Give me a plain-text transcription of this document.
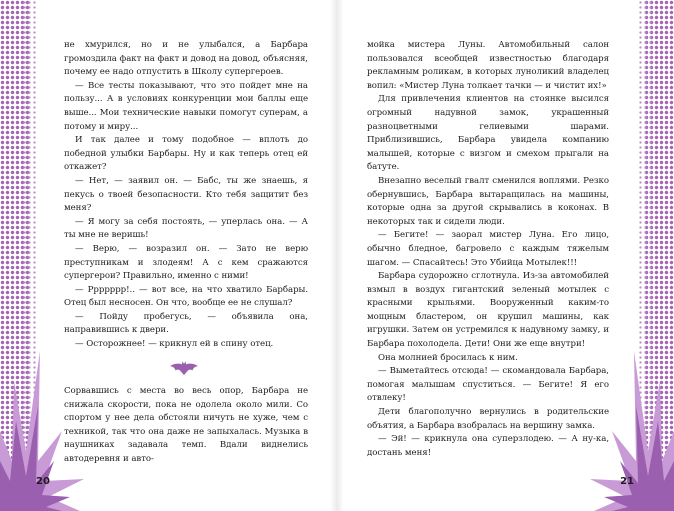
не хмурился, но и не улыбался, а Барбара громоздила факт на факт и довод на довод, объясняя, почему ее надо отпустить в Школу супергероев.

— Все тесты показывают, что это пойдет мне на пользу... А в условиях конкуренции мои баллы еще выше... Мои технические навыки помогут суперам, а потому и миру...

И так далее и тому подобное — вплоть до победной улыбки Барбары. Ну и как теперь отец ей откажет?

— Нет, — заявил он. — Бабс, ты же знаешь, я пекусь о твоей безопасности. Кто тебя защитит без меня?

— Я могу за себя постоять, — уперлась она. — А ты мне не веришь!

— Верю, — возразил он. — Зато не верю преступникам и злодеям! А с кем сражаются супергерои? Правильно, именно с ними!

— Ррррррр!.. — вот все, на что хватило Барбары. Отец был несносен. Он что, вообще ее не слушал?

— Пойду пробегусь, — объявила она, направившись к двери.

— Осторожнее! — крикнул ей в спину отец.

Сорвавшись с места во весь опор, Барбара не снижала скорости, пока не одолела около мили. Со спортом у нее дела обстояли ничуть не хуже, чем с техникой, так что она даже не запыхалась. Музыка в наушниках задавала темп. Вдали виднелись автодеревня и авто-

мойка мистера Луны. Автомобильный салон пользовался всеобщей известностью благодаря рекламным роликам, в которых луноликий владелец вопил: «Мистер Луна толкает тачки — и чистит их!»

Для привлечения клиентов на стоянке высился огромный надувной замок, украшенный разноцветными гелиевыми шарами. Приблизившись, Барбара увидела компанию малышей, которые с визгом и смехом прыгали на батуте.

Внезапно веселый гвалт сменился воплями. Резко обернувшись, Барбара вытаращилась на машины, которые одна за другой скрывались в коконах. В некоторых так и сидели люди.

— Бегите! — заорал мистер Луна. Его лицо, обычно бледное, багровело с каждым тяжелым шагом. — Спасайтесь! Это Убийца Мотылек!!!

Барбара судорожно сглотнула. Из-за автомобилей взмыл в воздух гигантский зеленый мотылек с красными крыльями. Вооруженный каким-то мощным бластером, он крушил машины, как игрушки. Затем он устремился к надувному замку, и Барбара похолодела. Дети! Они же еще внутри!

Она молнией бросилась к ним.

— Выметайтесь отсюда! — скомандовала Барбара, помогая малышам спуститься. — Бегите! Я его отвлеку!

Дети благополучно вернулись в родительские объятия, а Барбара взобралась на вершину замка.

— Эй! — крикнула она суперзлодею. — А ну-ка, достань меня!

20	21
